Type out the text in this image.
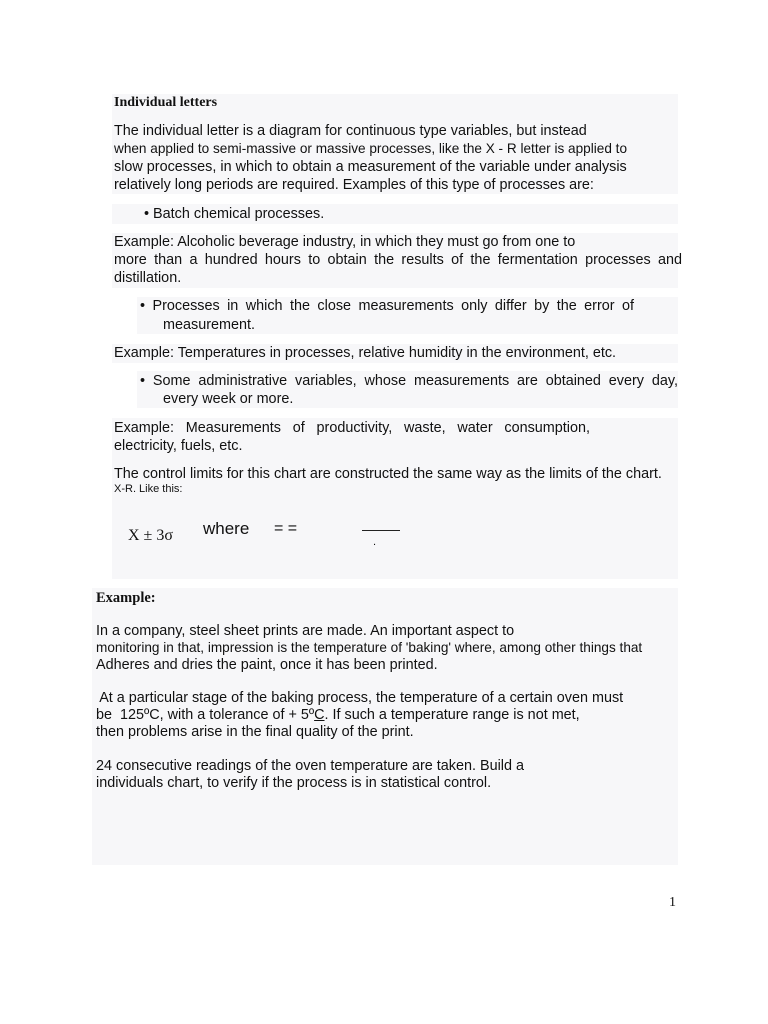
Individual letters

The individual letter is a diagram for continuous type variables, but instead

when applied to semi-massive or massive processes, like the X - R letter is applied to

slow processes, in which to obtain a measurement of the variable under analysis

relatively long periods are required. Examples of this type of processes are:

• Batch chemical processes.

Example: Alcoholic beverage industry, in which they must go from one to

more than a hundred hours to obtain the results of the fermentation processes and

distillation.

• Processes in which the close measurements only differ by the error of

measurement.

Example: Temperatures in processes, relative humidity in the environment, etc.

• Some administrative variables, whose measurements are obtained every day,

every week or more.

Example: Measurements of productivity, waste, water consumption,

electricity, fuels, etc.

The control limits for this chart are constructed the same way as the limits of the chart.

X-R. Like this:

X ± 3σ where = =
.

Example:

In a company, steel sheet prints are made. An important aspect to

monitoring in that, impression is the temperature of 'baking' where, among other things that

Adheres and dries the paint, once it has been printed.

At a particular stage of the baking process, the temperature of a certain oven must

be  125ºC, with a tolerance of + 5ºC. If such a temperature range is not met,

then problems arise in the final quality of the print.

24 consecutive readings of the oven temperature are taken. Build a

individuals chart, to verify if the process is in statistical control.

1
